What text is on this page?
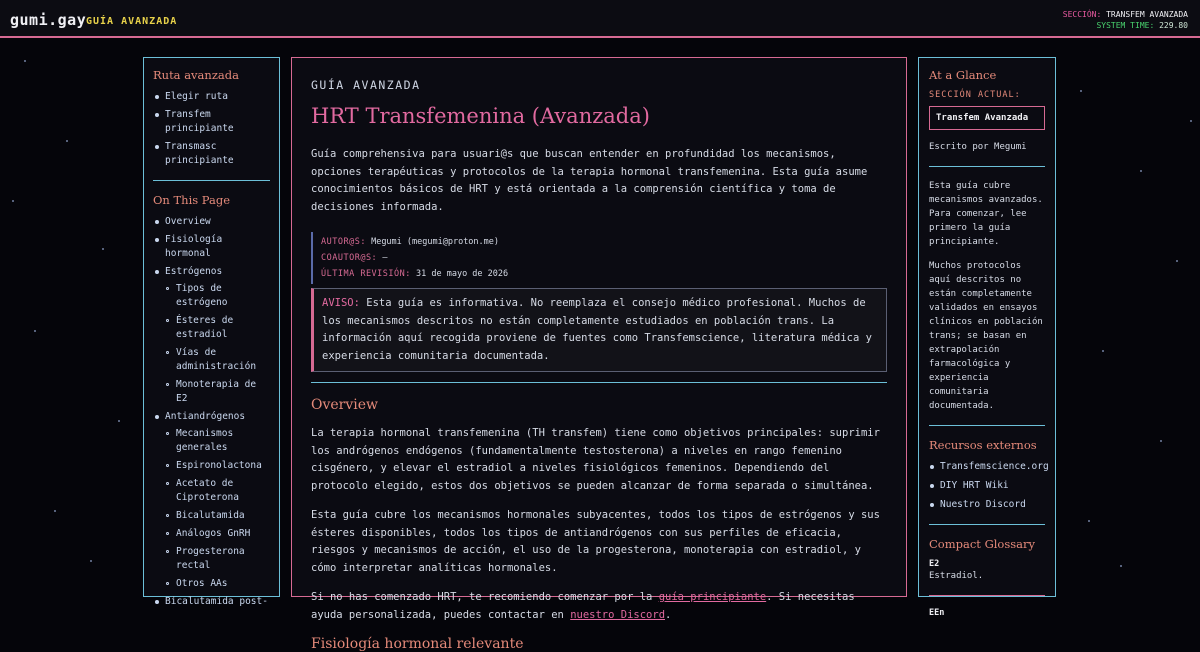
gumi.gay GUÍA AVANZADA
SECCIÓN: TRANSFEM AVANZADA
SYSTEM TIME: 229.80
Ruta avanzada
Elegir ruta
Transfem principiante
Transmasc principiante
On This Page
Overview
Fisiología hormonal
Estrógenos
Tipos de estrógeno
Ésteres de estradiol
Vías de administración
Monoterapia de E2
Antiandrógenos
Mecanismos generales
Espironolactona
Acetato de Ciproterona
Bicalutamida
Análogos GnRH
Progesterona rectal
Otros AAs
Bicalutamida post-
GUÍA AVANZADA
HRT Transfemenina (Avanzada)

Guía comprehensiva para usuari@s que buscan entender en profundidad los mecanismos, opciones terapéuticas y protocolos de la terapia hormonal transfemenina. Esta guía asume conocimientos básicos de HRT y está orientada a la comprensión científica y toma de decisiones informada.

AUTOR@S: Megumi (megumi@proton.me)
COAUTOR@S: —
ÚLTIMA REVISIÓN: 31 de mayo de 2026
AVISO: Esta guía es informativa. No reemplaza el consejo médico profesional. Muchos de los mecanismos descritos no están completamente estudiados en población trans. La información aquí recogida proviene de fuentes como Transfemscience, literatura médica y experiencia comunitaria documentada.
Overview

La terapia hormonal transfemenina (TH transfem) tiene como objetivos principales: suprimir los andrógenos endógenos (fundamentalmente testosterona) a niveles en rango femenino cisgénero, y elevar el estradiol a niveles fisiológicos femeninos. Dependiendo del protocolo elegido, estos dos objetivos se pueden alcanzar de forma separada o simultánea.

Esta guía cubre los mecanismos hormonales subyacentes, todos los tipos de estrógenos y sus ésteres disponibles, todos los tipos de antiandrógenos con sus perfiles de eficacia, riesgos y mecanismos de acción, el uso de la progesterona, monoterapia con estradiol, y cómo interpretar analíticas hormonales.

Si no has comenzado HRT, te recomiendo comenzar por la guía principiante. Si necesitas ayuda personalizada, puedes contactar en nuestro Discord.

Fisiología hormonal relevante
At a Glance
SECCIÓN ACTUAL:
Transfem Avanzada
Escrito por Megumi

Esta guía cubre mecanismos avanzados. Para comenzar, lee primero la guía principiante.

Muchos protocolos aquí descritos no están completamente validados en ensayos clínicos en población trans; se basan en extrapolación farmacológica y experiencia comunitaria documentada.

Recursos externos
Transfemscience.org
DIY HRT Wiki
Nuestro Discord
Compact Glossary
E2
Estradiol.
EEn
